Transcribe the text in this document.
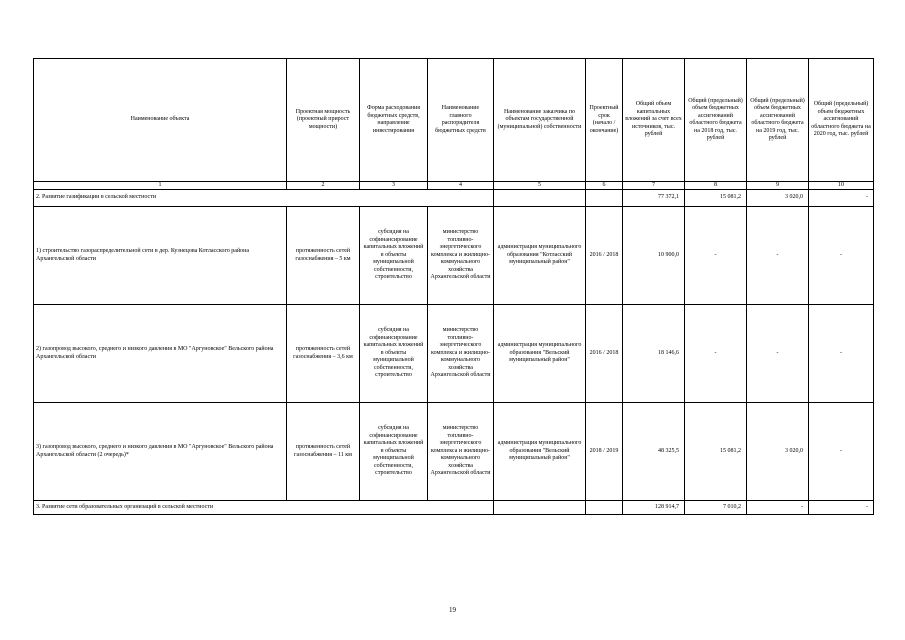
Наименование объекта	Проектная мощность (проектный прирост мощности)	Форма расходования бюджетных средств, направление инвестирования	Наименование главного распорядителя бюджетных средств	Наименование заказчика по объектам государственной (муниципальной) собственности	Проектный срок (начало / окончание)	Общий объем капитальных вложений за счет всех источников, тыс. рублей	Общий (предельный) объем бюджетных ассигнований областного бюджета на 2018 год, тыс. рублей	Общий (предельный) объем бюджетных ассигнований областного бюджета на 2019 год, тыс. рублей	Общий (предельный) объем бюджетных ассигнований областного бюджета на 2020 год, тыс. рублей
1	2	3	4	5	6	7	8	9	10
2. Развитие газификации в сельской местности						77 372,1	15 081,2	3 020,0	-
1) строительство газораспределительной сети в дер. Кузнецова Котласского района Архангельской области	протяженность сетей газоснабжения – 5 км	субсидия на софинансирование капитальных вложений в объекты муниципальной собственности, строительство	министерство топливно-энергетического комплекса и жилищно-коммунального хозяйства Архангельской области	администрация муниципального образования "Котласский муниципальный район"	2016 / 2018	10 900,0	-	-	-
2) газопровод высокого, среднего и низкого давления в МО "Аргуновское" Вельского района Архангельской области	протяженность сетей газоснабжения – 3,6 км	субсидия на софинансирование капитальных вложений в объекты муниципальной собственности, строительство	министерство топливно-энергетического комплекса и жилищно-коммунального хозяйства Архангельской области	администрация муниципального образования "Вельский муниципальный район"	2016 / 2018	18 146,6	-	-	-
3) газопровод высокого, среднего и низкого давления в МО "Аргуновское" Вельского района Архангельской области (2 очередь)*	протяженность сетей газоснабжения – 11 км	субсидия на софинансирование капитальных вложений в объекты муниципальной собственности, строительство	министерство топливно-энергетического комплекса и жилищно-коммунального хозяйства Архангельской области	администрация муниципального образования "Вельский муниципальный район"	2018 / 2019	48 325,5	15 081,2	3 020,0	-
3. Развитие сети образовательных организаций в сельской местности						128 914,7	7 010,2	-	-
19
